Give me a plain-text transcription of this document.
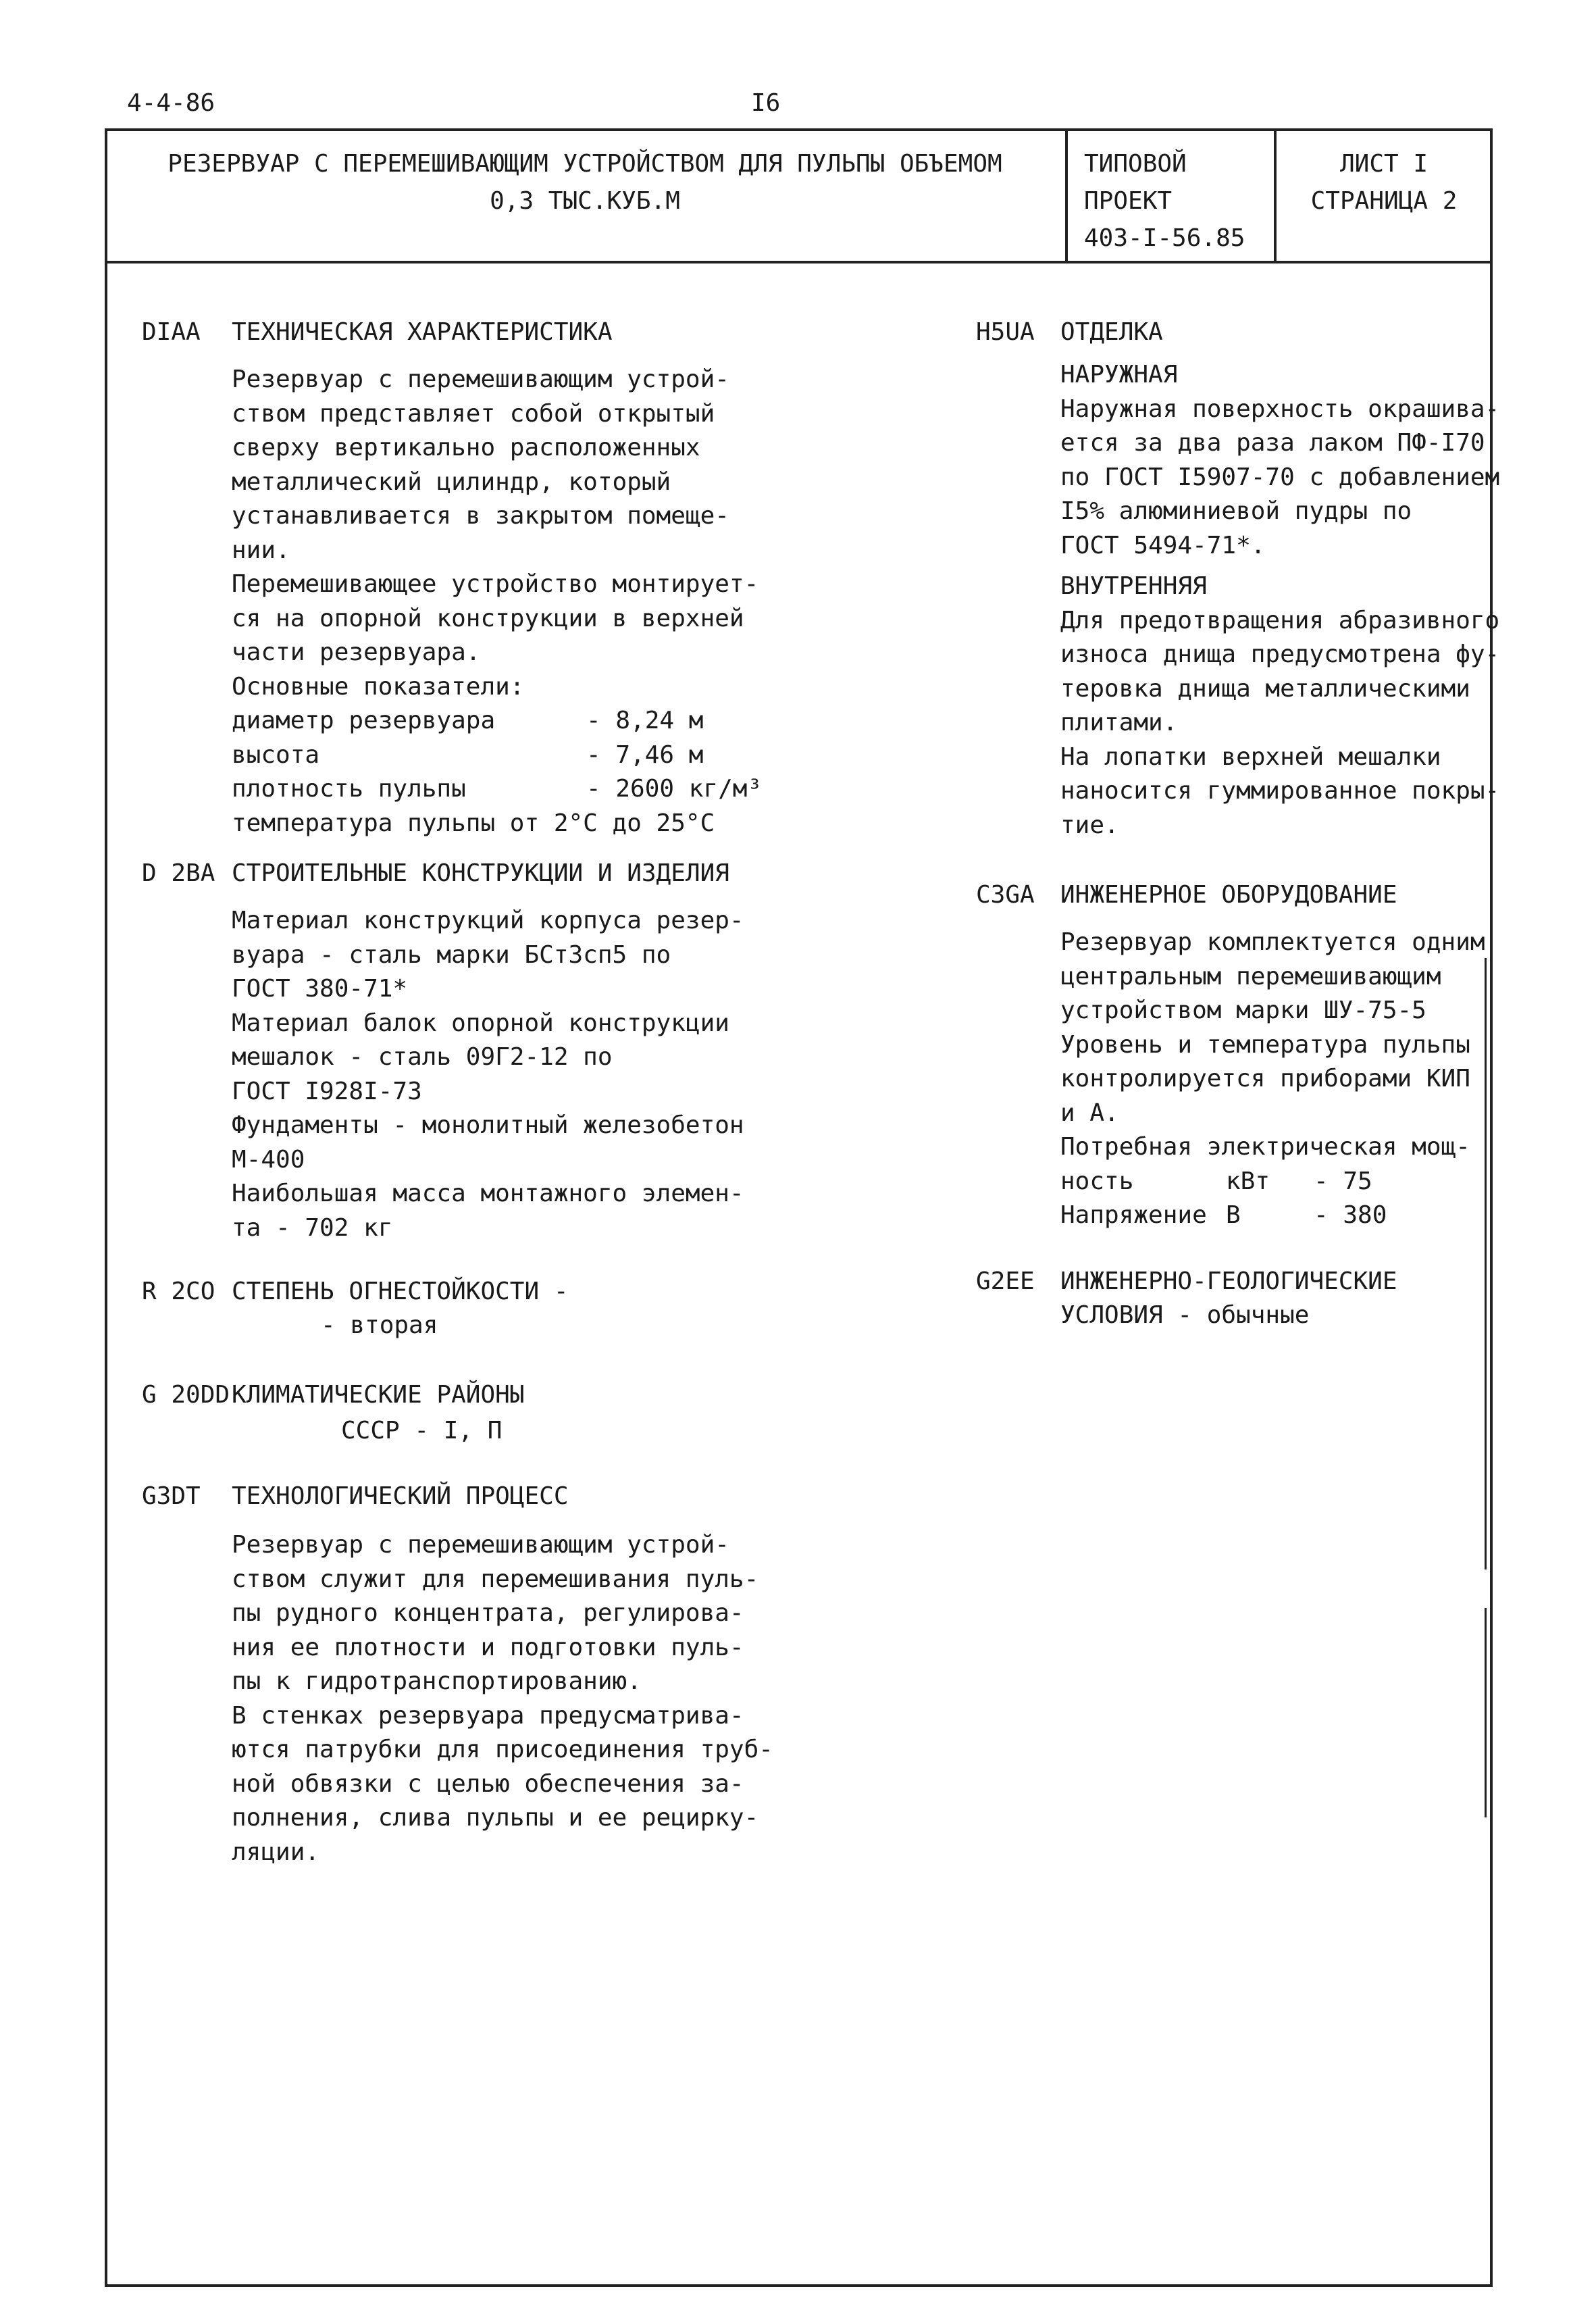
4-4-86	I6
РЕЗЕРВУАР С ПЕРЕМЕШИВАЮЩИМ УСТРОЙСТВОМ ДЛЯ ПУЛЬПЫ ОБЪЕМОМ
0,3 ТЫС.КУБ.М
ТИПОВОЙ
ПРОЕКТ
403-I-56.85
ЛИСТ I
СТРАНИЦА 2
DIAA ТЕХНИЧЕСКАЯ ХАРАКТЕРИСТИКА
Резервуар с перемешивающим устрой-
ством представляет собой открытый
сверху вертикально расположенных
металлический цилиндр, который
устанавливается в закрытом помеще-
нии.
Перемешивающее устройство монтирует-
ся на опорной конструкции в верхней
части резервуара.
Основные показатели:
диаметр резервуара	- 8,24 м
высота	- 7,46 м
плотность пульпы	- 2600 кг/м³
температура пульпы от 2°С до 25°С
D 2BA СТРОИТЕЛЬНЫЕ КОНСТРУКЦИИ И ИЗДЕЛИЯ
Материал конструкций корпуса резер-
вуара - сталь марки БСт3сп5 по
ГОСТ 380-71*
Материал балок опорной конструкции
мешалок - сталь 09Г2-12 по
ГОСТ I928I-73
Фундаменты - монолитный железобетон
М-400
Наибольшая масса монтажного элемен-
та - 702 кг
R 2CO СТЕПЕНЬ ОГНЕСТОЙКОСТИ -
- вторая
G 20DD КЛИМАТИЧЕСКИЕ РАЙОНЫ
СССР - I, П
G3DT ТЕХНОЛОГИЧЕСКИЙ ПРОЦЕСС
Резервуар с перемешивающим устрой-
ством служит для перемешивания пуль-
пы рудного концентрата, регулирова-
ния ее плотности и подготовки пуль-
пы к гидротранспортированию.
В стенках резервуара предусматрива-
ются патрубки для присоединения труб-
ной обвязки с целью обеспечения за-
полнения, слива пульпы и ее рецирку-
ляции.
H5UA ОТДЕЛКА
НАРУЖНАЯ
Наружная поверхность окрашива-
ется за два раза лаком ПФ-I70
по ГОСТ I5907-70 с добавлением
I5% алюминиевой пудры по
ГОСТ 5494-71*.
ВНУТРЕННЯЯ
Для предотвращения абразивного
износа днища предусмотрена фу-
теровка днища металлическими
плитами.
На лопатки верхней мешалки
наносится гуммированное покры-
тие.
C3GA ИНЖЕНЕРНОЕ ОБОРУДОВАНИЕ
Резервуар комплектуется одним
центральным перемешивающим
устройством марки ШУ-75-5
Уровень и температура пульпы
контролируется приборами КИП
и А.
Потребная электрическая мощ-
ность	кВт	- 75
Напряжение В	- 380
G2EE ИНЖЕНЕРНО-ГЕОЛОГИЧЕСКИЕ
УСЛОВИЯ - обычные
